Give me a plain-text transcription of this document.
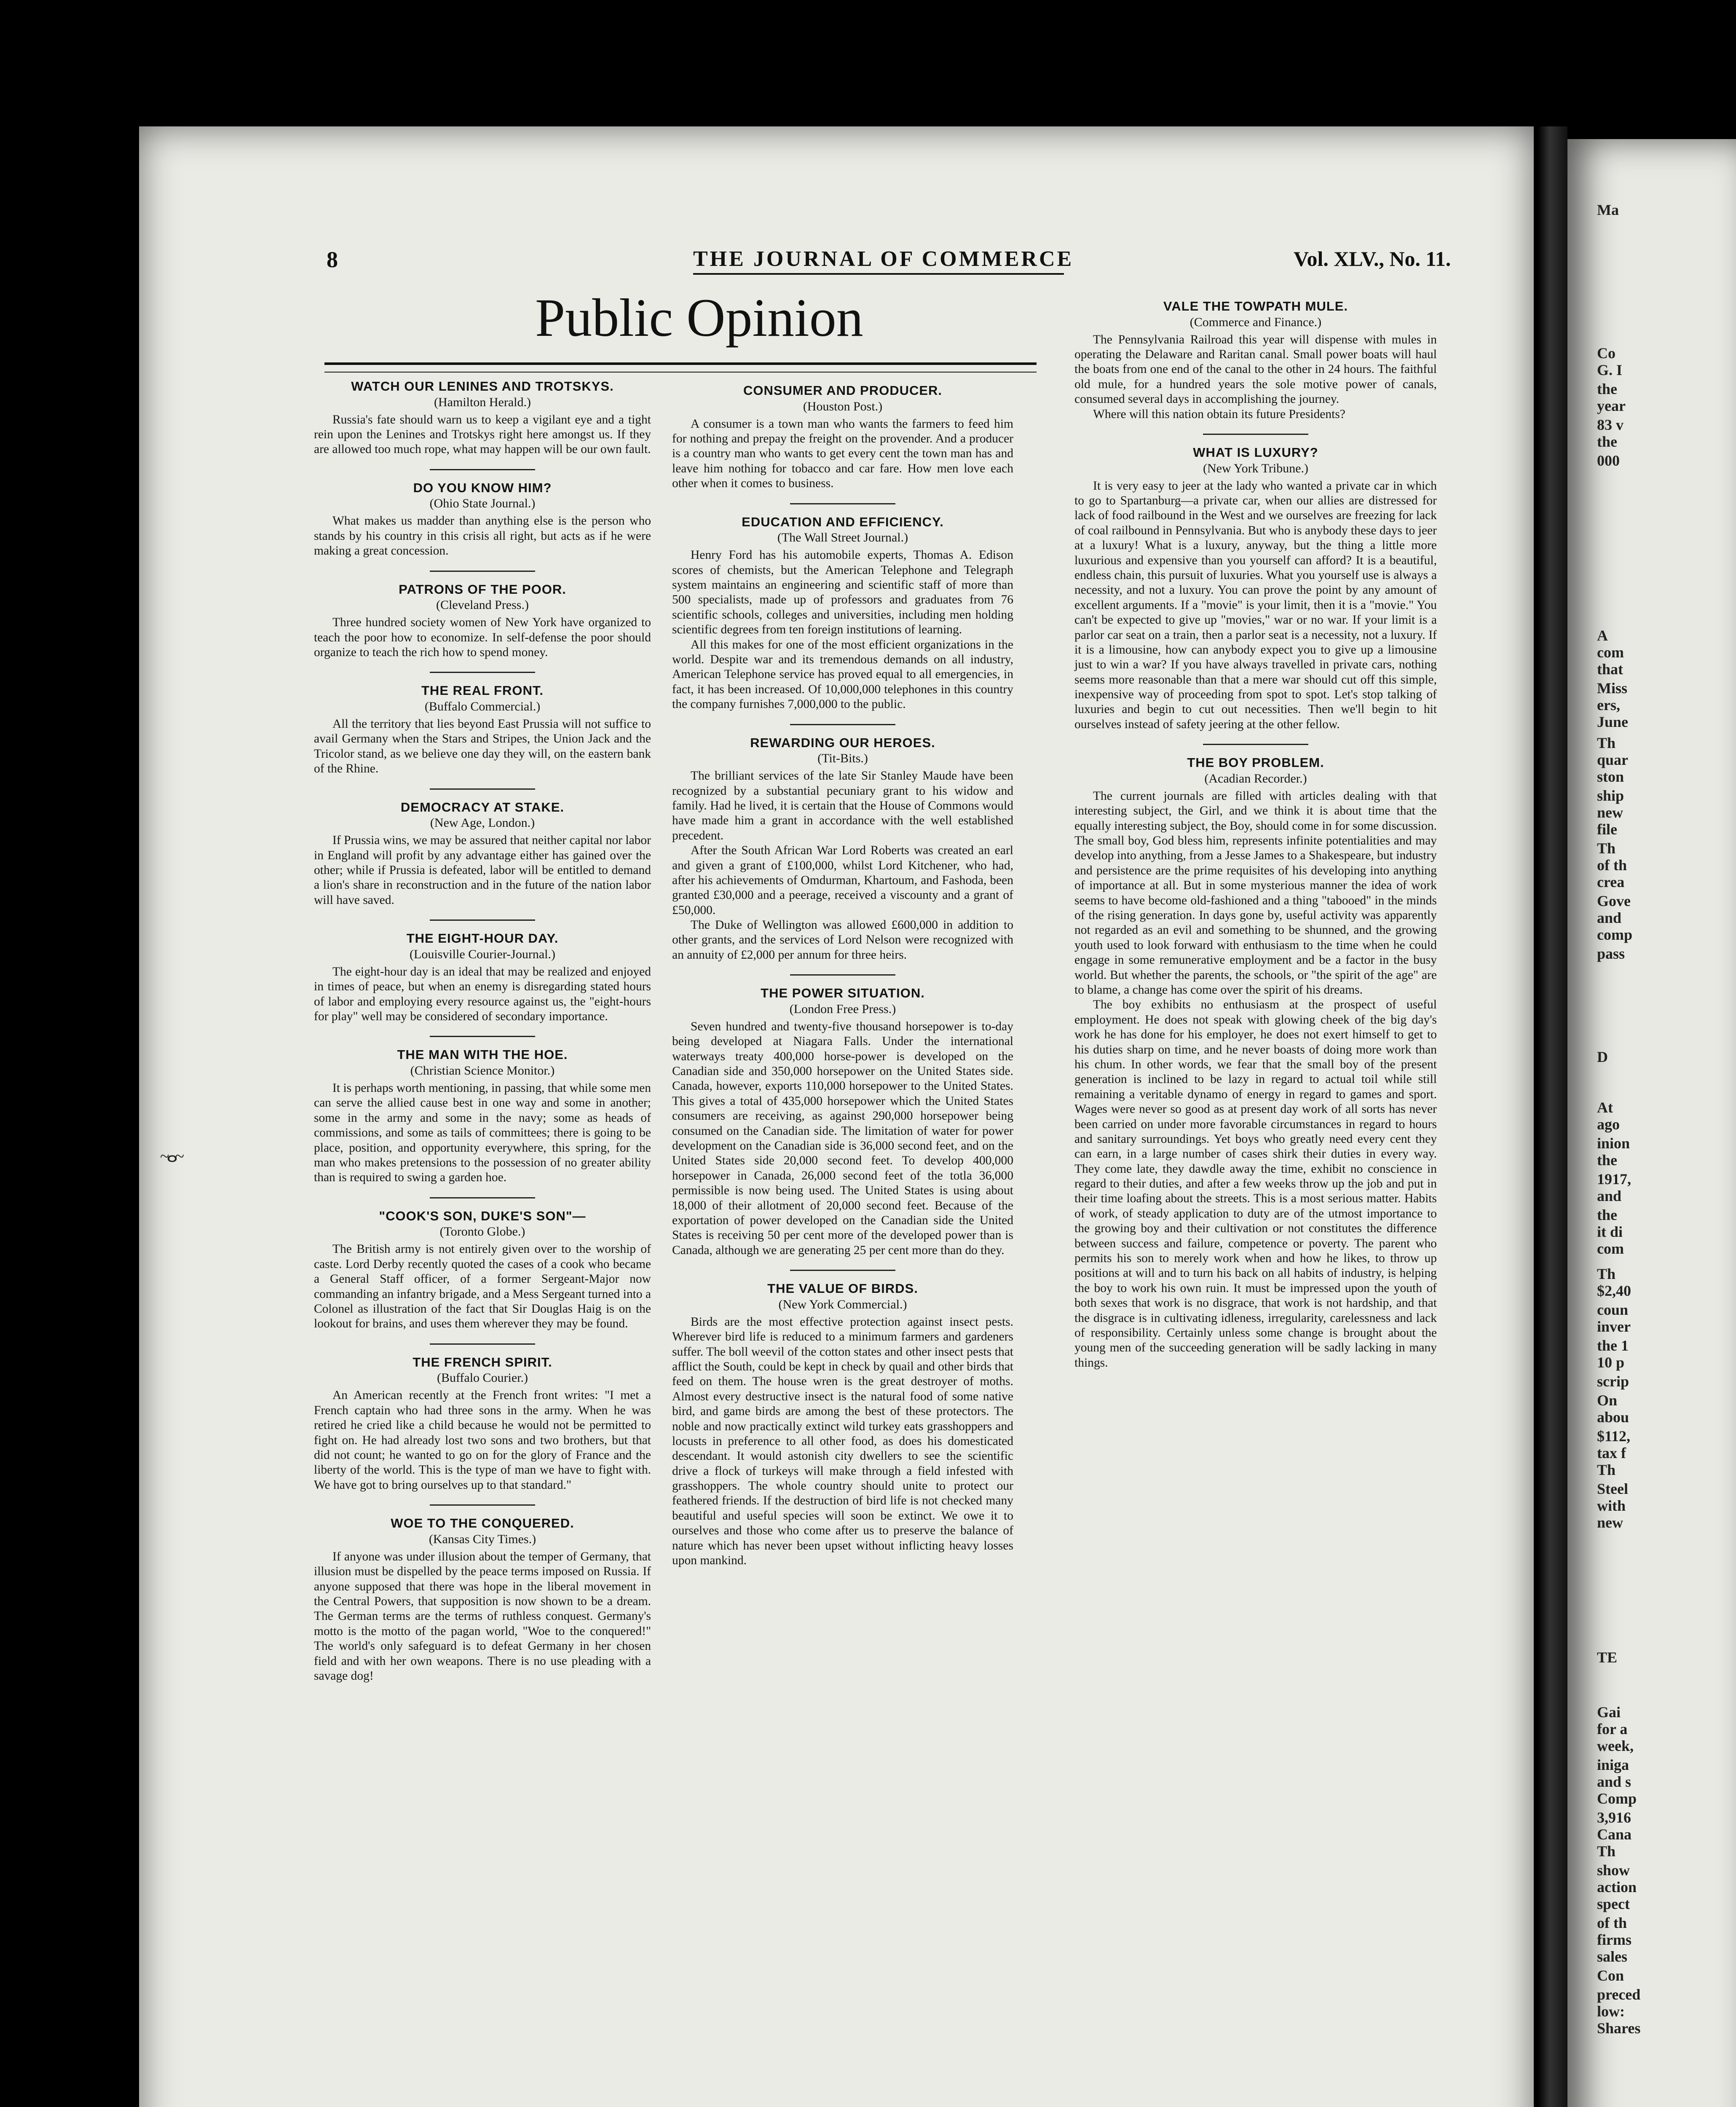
Ma
Co
G. I
the
year
83 v
the
000
A
com
that
Miss
ers,
June
Th
quar
ston
ship
new
file
Th
of th
crea
Gove
and
comp
pass
D
At
ago
inion
the
1917,
and
the
it di
com
Th
$2,40
coun
inver
the 1
10 p
scrip
On
abou
$112,
tax f
Th
Steel
with
new
TE
Gai
for a
week,
iniga
and s
Comp
3,916
Cana
Th
show
action
spect
of th
firms
sales
Con
preced
low:
Shares
8	THE JOURNAL OF COMMERCE	Vol. XLV., No. 11.
Public Opinion
~ⴰ~
WATCH OUR LENINES AND TROTSKYS.
(Hamilton Herald.)

Russia's fate should warn us to keep a vigilant eye and a tight rein upon the Lenines and Trotskys right here amongst us. If they are allowed too much rope, what may happen will be our own fault.

DO YOU KNOW HIM?
(Ohio State Journal.)

What makes us madder than anything else is the person who stands by his country in this crisis all right, but acts as if he were making a great concession.

PATRONS OF THE POOR.
(Cleveland Press.)

Three hundred society women of New York have organized to teach the poor how to economize. In self-defense the poor should organize to teach the rich how to spend money.

THE REAL FRONT.
(Buffalo Commercial.)

All the territory that lies beyond East Prussia will not suffice to avail Germany when the Stars and Stripes, the Union Jack and the Tricolor stand, as we believe one day they will, on the eastern bank of the Rhine.

DEMOCRACY AT STAKE.
(New Age, London.)

If Prussia wins, we may be assured that neither capital nor labor in England will profit by any advantage either has gained over the other; while if Prussia is defeated, labor will be entitled to demand a lion's share in reconstruction and in the future of the nation labor will have saved.

THE EIGHT-HOUR DAY.
(Louisville Courier-Journal.)

The eight-hour day is an ideal that may be realized and enjoyed in times of peace, but when an enemy is disregarding stated hours of labor and employing every resource against us, the "eight-hours for play" well may be considered of secondary importance.

THE MAN WITH THE HOE.
(Christian Science Monitor.)

It is perhaps worth mentioning, in passing, that while some men can serve the allied cause best in one way and some in another; some in the army and some in the navy; some as heads of commissions, and some as tails of committees; there is going to be place, position, and opportunity everywhere, this spring, for the man who makes pretensions to the possession of no greater ability than is required to swing a garden hoe.

"COOK'S SON, DUKE'S SON"—
(Toronto Globe.)

The British army is not entirely given over to the worship of caste. Lord Derby recently quoted the cases of a cook who became a General Staff officer, of a former Sergeant-Major now commanding an infantry brigade, and a Mess Sergeant turned into a Colonel as illustration of the fact that Sir Douglas Haig is on the lookout for brains, and uses them wherever they may be found.

THE FRENCH SPIRIT.
(Buffalo Courier.)

An American recently at the French front writes: "I met a French captain who had three sons in the army. When he was retired he cried like a child because he would not be permitted to fight on. He had already lost two sons and two brothers, but that did not count; he wanted to go on for the glory of France and the liberty of the world. This is the type of man we have to fight with. We have got to bring ourselves up to that standard."

WOE TO THE CONQUERED.
(Kansas City Times.)

If anyone was under illusion about the temper of Germany, that illusion must be dispelled by the peace terms imposed on Russia. If anyone supposed that there was hope in the liberal movement in the Central Powers, that supposition is now shown to be a dream. The German terms are the terms of ruthless conquest. Germany's motto is the motto of the pagan world, "Woe to the conquered!" The world's only safeguard is to defeat Germany in her chosen field and with her own weapons. There is no use pleading with a savage dog!

CONSUMER AND PRODUCER.
(Houston Post.)

A consumer is a town man who wants the farmers to feed him for nothing and prepay the freight on the provender. And a producer is a country man who wants to get every cent the town man has and leave him nothing for tobacco and car fare. How men love each other when it comes to business.

EDUCATION AND EFFICIENCY.
(The Wall Street Journal.)

Henry Ford has his automobile experts, Thomas A. Edison scores of chemists, but the American Telephone and Telegraph system maintains an engineering and scientific staff of more than 500 specialists, made up of professors and graduates from 76 scientific schools, colleges and universities, including men holding scientific degrees from ten foreign institutions of learning.

All this makes for one of the most efficient organizations in the world. Despite war and its tremendous demands on all industry, American Telephone service has proved equal to all emergencies, in fact, it has been increased. Of 10,000,000 telephones in this country the company furnishes 7,000,000 to the public.

REWARDING OUR HEROES.
(Tit-Bits.)

The brilliant services of the late Sir Stanley Maude have been recognized by a substantial pecuniary grant to his widow and family. Had he lived, it is certain that the House of Commons would have made him a grant in accordance with the well established precedent.

After the South African War Lord Roberts was created an earl and given a grant of £100,000, whilst Lord Kitchener, who had, after his achievements of Omdurman, Khartoum, and Fashoda, been granted £30,000 and a peerage, received a viscounty and a grant of £50,000.

The Duke of Wellington was allowed £600,000 in addition to other grants, and the services of Lord Nelson were recognized with an annuity of £2,000 per annum for three heirs.

THE POWER SITUATION.
(London Free Press.)

Seven hundred and twenty-five thousand horsepower is to-day being developed at Niagara Falls. Under the international waterways treaty 400,000 horse-power is developed on the Canadian side and 350,000 horsepower on the United States side. Canada, however, exports 110,000 horsepower to the United States. This gives a total of 435,000 horsepower which the United States consumers are receiving, as against 290,000 horsepower being consumed on the Canadian side. The limitation of water for power development on the Canadian side is 36,000 second feet, and on the United States side 20,000 second feet. To develop 400,000 horsepower in Canada, 26,000 second feet of the totla 36,000 permissible is now being used. The United States is using about 18,000 of their allotment of 20,000 second feet. Because of the exportation of power developed on the Canadian side the United States is receiving 50 per cent more of the developed power than is Canada, although we are generating 25 per cent more than do they.

THE VALUE OF BIRDS.
(New York Commercial.)

Birds are the most effective protection against insect pests. Wherever bird life is reduced to a minimum farmers and gardeners suffer. The boll weevil of the cotton states and other insect pests that afflict the South, could be kept in check by quail and other birds that feed on them. The house wren is the great destroyer of moths. Almost every destructive insect is the natural food of some native bird, and game birds are among the best of these protectors. The noble and now practically extinct wild turkey eats grasshoppers and locusts in preference to all other food, as does his domesticated descendant. It would astonish city dwellers to see the scientific drive a flock of turkeys will make through a field infested with grasshoppers. The whole country should unite to protect our feathered friends. If the destruction of bird life is not checked many beautiful and useful species will soon be extinct. We owe it to ourselves and those who come after us to preserve the balance of nature which has never been upset without inflicting heavy losses upon mankind.

VALE THE TOWPATH MULE.
(Commerce and Finance.)

The Pennsylvania Railroad this year will dispense with mules in operating the Delaware and Raritan canal. Small power boats will haul the boats from one end of the canal to the other in 24 hours. The faithful old mule, for a hundred years the sole motive power of canals, consumed several days in accomplishing the journey.

Where will this nation obtain its future Presidents?

WHAT IS LUXURY?
(New York Tribune.)

It is very easy to jeer at the lady who wanted a private car in which to go to Spartanburg—a private car, when our allies are distressed for lack of food railbound in the West and we ourselves are freezing for lack of coal railbound in Pennsylvania. But who is anybody these days to jeer at a luxury! What is a luxury, anyway, but the thing a little more luxurious and expensive than you yourself can afford? It is a beautiful, endless chain, this pursuit of luxuries. What you yourself use is always a necessity, and not a luxury. You can prove the point by any amount of excellent arguments. If a "movie" is your limit, then it is a "movie." You can't be expected to give up "movies," war or no war. If your limit is a parlor car seat on a train, then a parlor seat is a necessity, not a luxury. If it is a limousine, how can anybody expect you to give up a limousine just to win a war? If you have always travelled in private cars, nothing seems more reasonable than that a mere war should cut off this simple, inexpensive way of proceeding from spot to spot. Let's stop talking of luxuries and begin to cut out necessities. Then we'll begin to hit ourselves instead of safety jeering at the other fellow.

THE BOY PROBLEM.
(Acadian Recorder.)

The current journals are filled with articles dealing with that interesting subject, the Girl, and we think it is about time that the equally interesting subject, the Boy, should come in for some discussion. The small boy, God bless him, represents infinite potentialities and may develop into anything, from a Jesse James to a Shakespeare, but industry and persistence are the prime requisites of his developing into anything of importance at all. But in some mysterious manner the idea of work seems to have become old-fashioned and a thing "tabooed" in the minds of the rising generation. In days gone by, useful activity was apparently not regarded as an evil and something to be shunned, and the growing youth used to look forward with enthusiasm to the time when he could engage in some remunerative employment and be a factor in the busy world. But whether the parents, the schools, or "the spirit of the age" are to blame, a change has come over the spirit of his dreams.

The boy exhibits no enthusiasm at the prospect of useful employment. He does not speak with glowing cheek of the big day's work he has done for his employer, he does not exert himself to get to his duties sharp on time, and he never boasts of doing more work than his chum. In other words, we fear that the small boy of the present generation is inclined to be lazy in regard to actual toil while still remaining a veritable dynamo of energy in regard to games and sport. Wages were never so good as at present day work of all sorts has never been carried on under more favorable circumstances in regard to hours and sanitary surroundings. Yet boys who greatly need every cent they can earn, in a large number of cases shirk their duties in every way. They come late, they dawdle away the time, exhibit no conscience in regard to their duties, and after a few weeks throw up the job and put in their time loafing about the streets. This is a most serious matter. Habits of work, of steady application to duty are of the utmost importance to the growing boy and their cultivation or not constitutes the difference between success and failure, competence or poverty. The parent who permits his son to merely work when and how he likes, to throw up positions at will and to turn his back on all habits of industry, is helping the boy to work his own ruin. It must be impressed upon the youth of both sexes that work is no disgrace, that work is not hardship, and that the disgrace is in cultivating idleness, irregularity, carelessness and lack of responsibility. Certainly unless some change is brought about the young men of the succeeding generation will be sadly lacking in many things.
